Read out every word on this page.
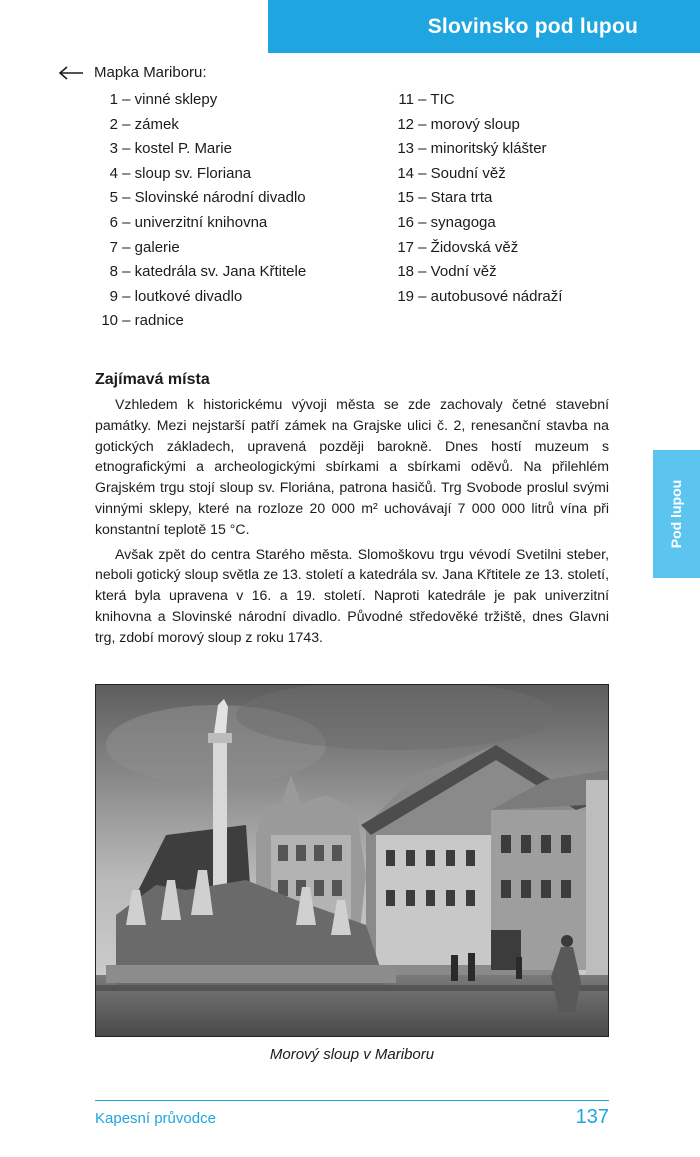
Slovinsko pod lupou
Pod lupou
Mapka Mariboru:
1 – vinné sklepy
2 – zámek
3 – kostel P. Marie
4 – sloup sv. Floriana
5 – Slovinské národní divadlo
6 – univerzitní knihovna
7 – galerie
8 – katedrála sv. Jana Křtitele
9 – loutkové divadlo
10 – radnice
11 – TIC
12 – morový sloup
13 – minoritský klášter
14 – Soudní věž
15 – Stara trta
16 – synagoga
17 – Židovská věž
18 – Vodní věž
19 – autobusové nádraží
Zajímavá místa

Vzhledem k historickému vývoji města se zde zachovaly četné stavební památky. Mezi nejstarší patří zámek na Grajske ulici č. 2, renesanční stavba na gotických základech, upravená později barokně. Dnes hostí muzeum s etnografickými a archeologickými sbírkami a sbírkami oděvů. Na přilehlém Grajském trgu stojí sloup sv. Floriána, patrona hasičů. Trg Svobode proslul svými vinnými sklepy, které na rozloze 20 000 m² uchovávají 7 000 000 litrů vína při konstantní teplotě 15 °C.

Avšak zpět do centra Starého města. Slomoškovu trgu vévodí Svetilni steber, neboli gotický sloup světla ze 13. století a katedrála sv. Jana Křtitele ze 13. století, která byla upravena v 16. a 19. století. Naproti katedrále je pak univerzitní knihovna a Slovinské národní divadlo. Původné středověké tržiště, dnes Glavni trg, zdobí morový sloup z roku 1743.

Morový sloup v Mariboru
Kapesní průvodce	137
